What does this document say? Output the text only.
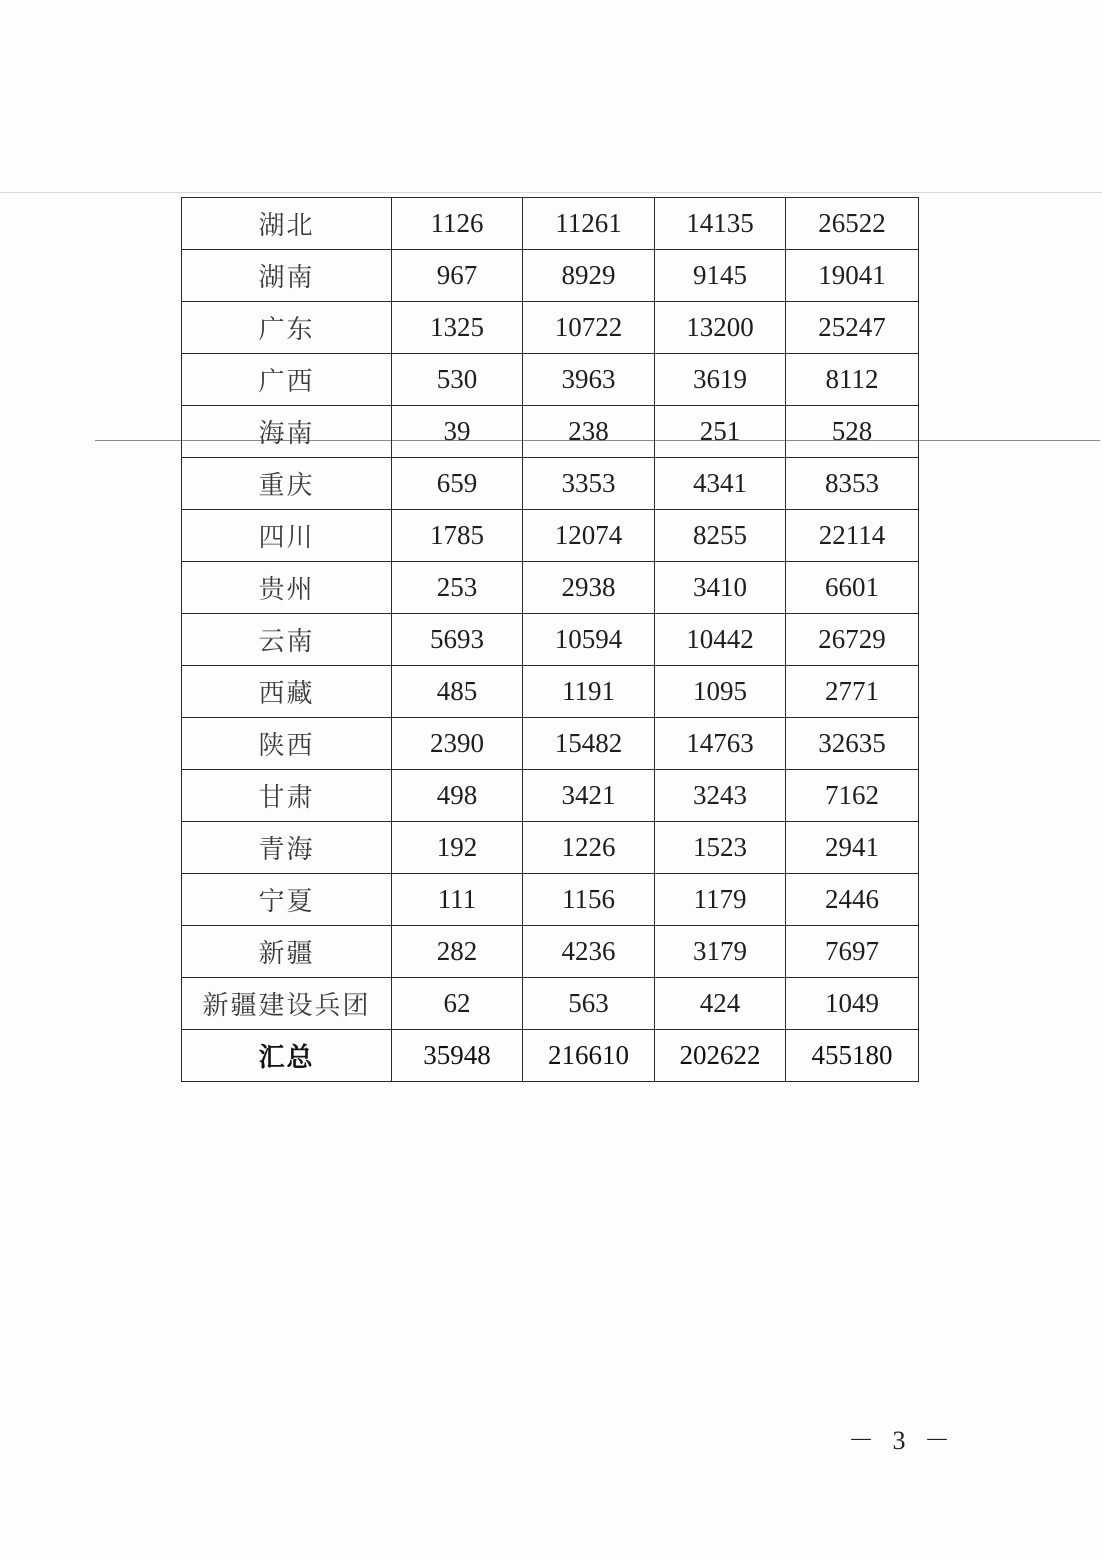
湖北	1126	11261	14135	26522
湖南	967	8929	9145	19041
广东	1325	10722	13200	25247
广西	530	3963	3619	8112
海南	39	238	251	528
重庆	659	3353	4341	8353
四川	1785	12074	8255	22114
贵州	253	2938	3410	6601
云南	5693	10594	10442	26729
西藏	485	1191	1095	2771
陕西	2390	15482	14763	32635
甘肃	498	3421	3243	7162
青海	192	1226	1523	2941
宁夏	111	1156	1179	2446
新疆	282	4236	3179	7697
新疆建设兵团	62	563	424	1049
汇总	35948	216610	202622	455180
－ 3 －
